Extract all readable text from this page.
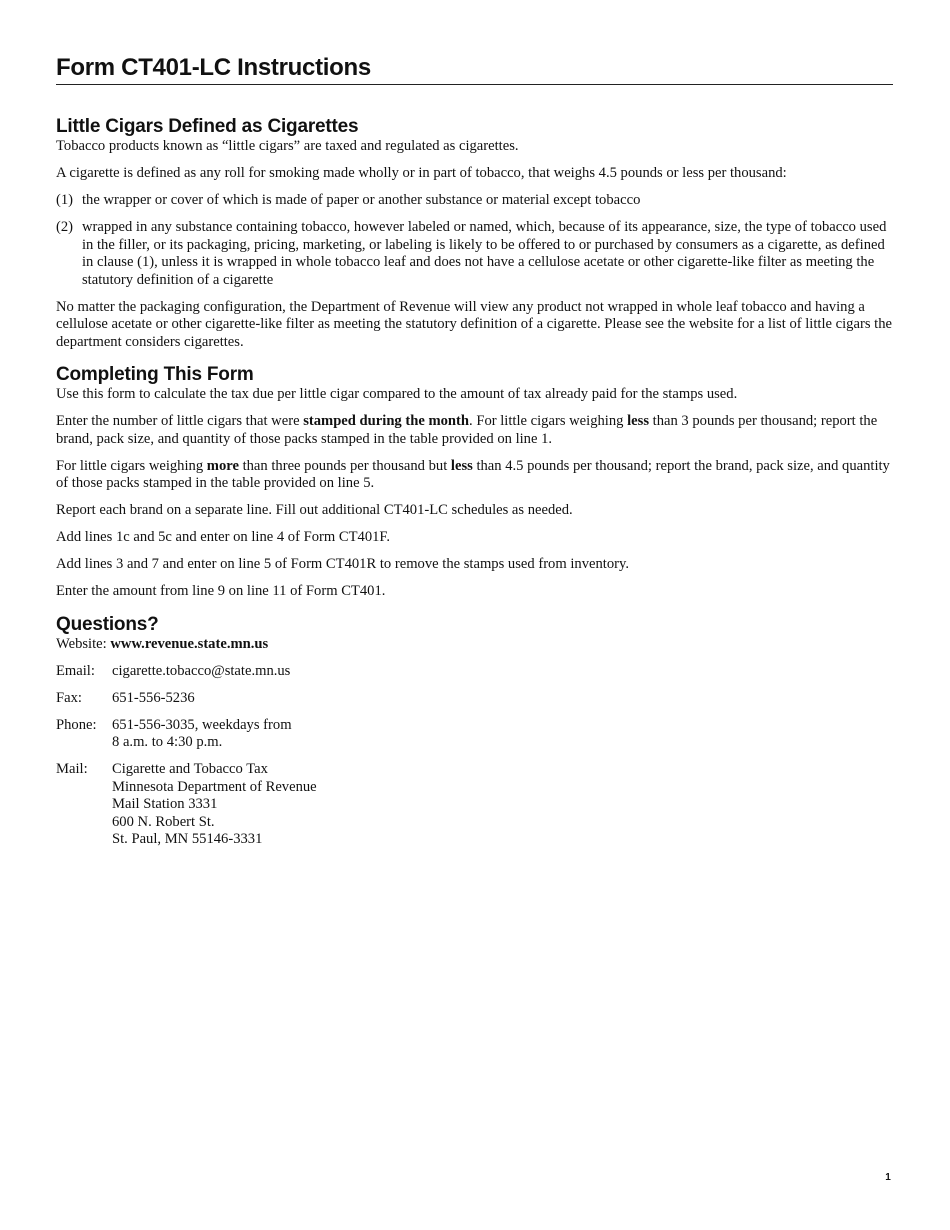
Form CT401-LC Instructions
Little Cigars Defined as Cigarettes

Tobacco products known as “little cigars” are taxed and regulated as cigarettes.

A cigarette is defined as any roll for smoking made wholly or in part of tobacco, that weighs 4.5 pounds or less per thousand:

(1) the wrapper or cover of which is made of paper or another substance or material except tobacco
(2) wrapped in any substance containing tobacco, however labeled or named, which, because of its appearance, size, the type of tobacco used in the filler, or its packaging, pricing, marketing, or labeling is likely to be offered to or purchased by consumers as a cigarette, as defined in clause (1), unless it is wrapped in whole tobacco leaf and does not have a cellulose acetate or other cigarette-like filter as meeting the statutory definition of a cigarette

No matter the packaging configuration, the Department of Revenue will view any product not wrapped in whole leaf tobacco and having a cellulose acetate or other cigarette-like filter as meeting the statutory definition of a cigarette. Please see the website for a list of little cigars the department considers cigarettes.

Completing This Form

Use this form to calculate the tax due per little cigar compared to the amount of tax already paid for the stamps used.

Enter the number of little cigars that were stamped during the month. For little cigars weighing less than 3 pounds per thousand; report the brand, pack size, and quantity of those packs stamped in the table provided on line 1.

For little cigars weighing more than three pounds per thousand but less than 4.5 pounds per thousand; report the brand, pack size, and quantity of those packs stamped in the table provided on line 5.

Report each brand on a separate line. Fill out additional CT401-LC schedules as needed.

Add lines 1c and 5c and enter on line 4 of Form CT401F.

Add lines 3 and 7 and enter on line 5 of Form CT401R to remove the stamps used from inventory.

Enter the amount from line 9 on line 11 of Form CT401.

Questions?

Website: www.revenue.state.mn.us

Email:	cigarette.tobacco@state.mn.us
Fax:	651-556-5236
Phone:	651-556-3035, weekdays from
8 a.m. to 4:30 p.m.
Mail:	Cigarette and Tobacco Tax
Minnesota Department of Revenue
Mail Station 3331
600 N. Robert St.
St. Paul, MN 55146-3331
1
